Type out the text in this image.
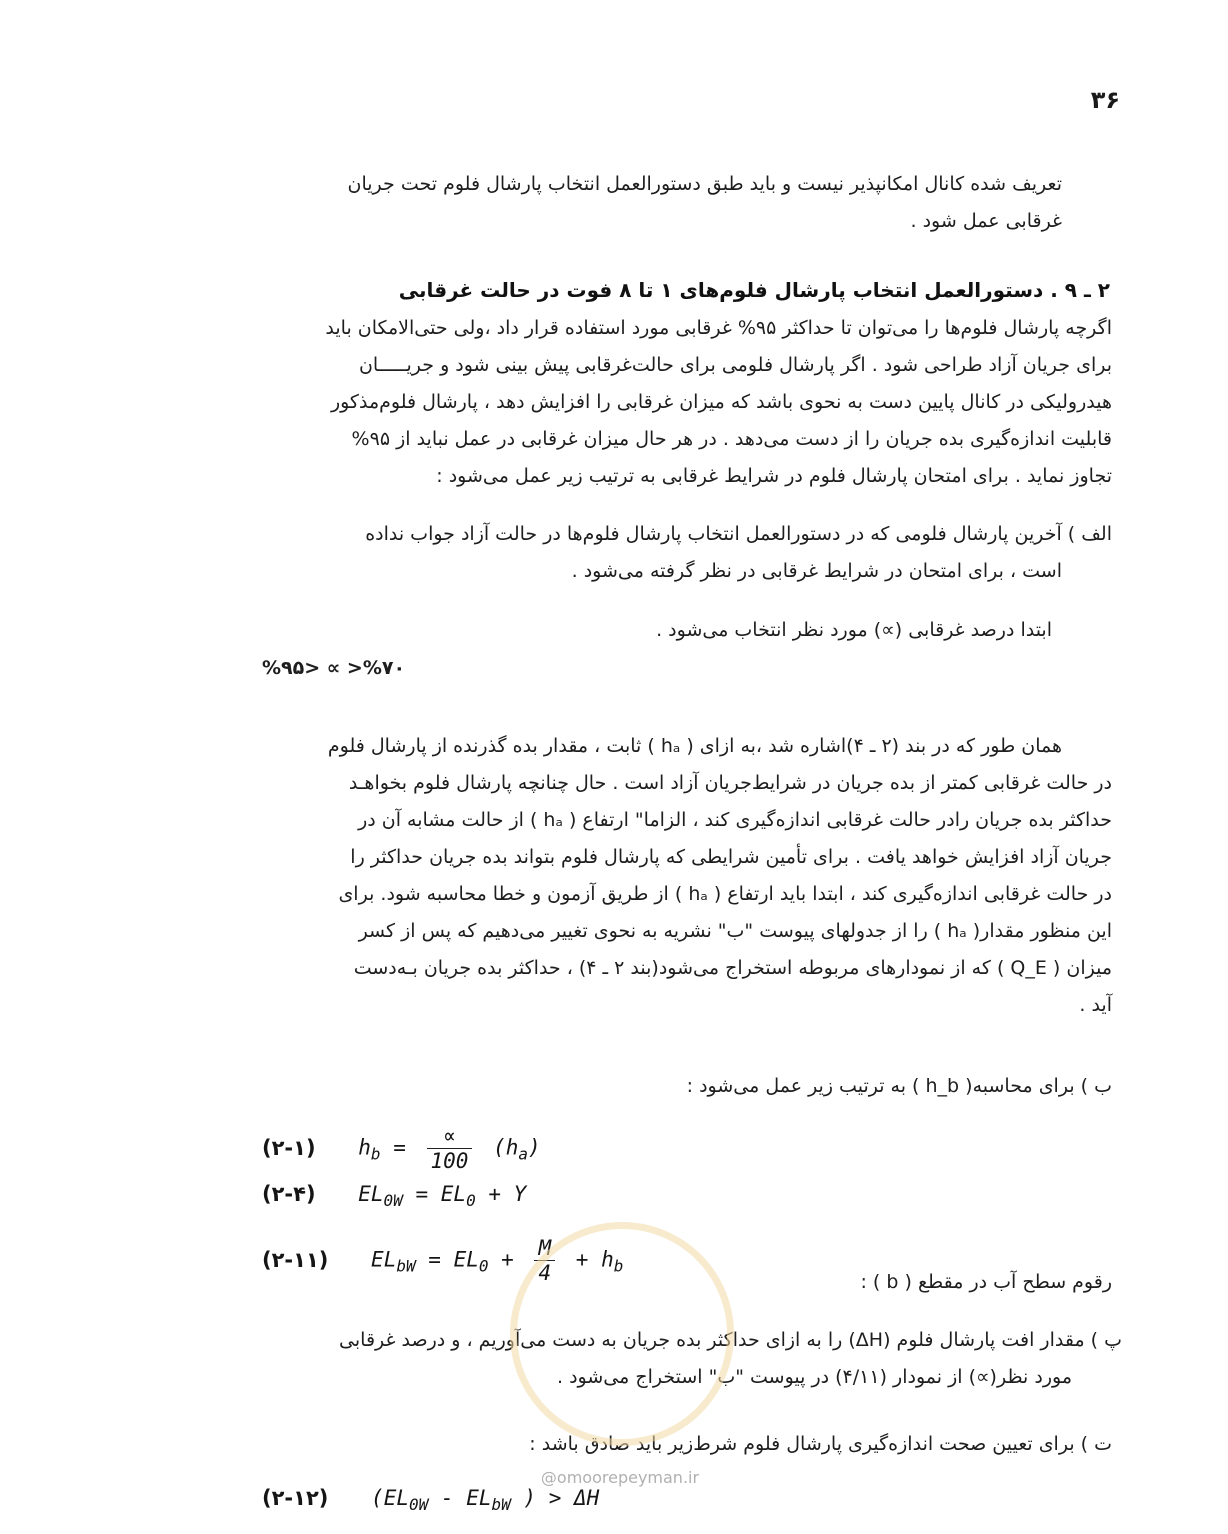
۳۶
تعریف شده کانال امکانپذیر نیست و باید طبق دستورالعمل انتخاب پارشال فلوم تحت جریان
غرقابی عمل شود .
۲ ـ ۹ . دستورالعمل انتخاب پارشال فلوم‌های ۱ تا ۸ فوت در حالت غرقابی
اگرچه پارشال فلوم‌ها را می‌توان تا حداکثر ۹۵% غرقابی مورد استفاده قرار داد ،ولی حتی‌الامکان باید
برای جریان آزاد طراحی شود . اگر پارشال فلومی برای حالت‌غرقابی پیش بینی شود و جریـــــان
هیدرولیکی در کانال پایین دست به نحوی باشد که میزان غرقابی را افزایش دهد ، پارشال فلوم‌مذکور
قابلیت اندازه‌گیری بده جریان را از دست می‌دهد . در هر حال میزان غرقابی در عمل نباید از ۹۵%
تجاوز نماید . برای امتحان پارشال فلوم در شرایط غرقابی به ترتیب زیر عمل می‌شود :
الف ) آخرین پارشال فلومی که در دستورالعمل انتخاب پارشال فلوم‌ها در حالت آزاد جواب نداده
است ، برای امتحان در شرایط غرقابی در نظر گرفته می‌شود .
ابتدا درصد غرقابی (∝) مورد نظر انتخاب می‌شود .
%۷۰< ∝ <%۹۵
همان طور که در بند (۲ ـ ۴)اشاره شد ،به ازای ( hₐ ) ثابت ، مقدار بده گذرنده از پارشال فلوم
در حالت غرقابی کمتر از بده جریان در شرایط‌جریان آزاد است . حال چنانچه پارشال فلوم بخواهـد
حداکثر بده جریان رادر حالت غرقابی اندازه‌گیری کند ، الزاما" ارتفاع ( hₐ ) از حالت مشابه آن در
جریان آزاد افزایش خواهد یافت . برای تأمین شرایطی که پارشال فلوم بتواند بده جریان حداکثر را
در حالت غرقابی اندازه‌گیری کند ، ابتدا باید ارتفاع ( hₐ ) از طریق آزمون و خطا محاسبه شود. برای
این منظور مقدار( hₐ ) را از جدولهای پیوست "ب" نشریه به نحوی تغییر می‌دهیم که پس از کسر
میزان ( Q_E ) که از نمودارهای مربوطه استخراج می‌شود(بند ۲ ـ ۴) ، حداکثر بده جریان بـه‌دست
آید .
ب ) برای محاسبه( h_b ) به ترتیب زیر عمل می‌شود :
(۲-۱) $h_b = \frac{\propto}{100} (h_a)$
(۲-۴) $EL_{0W} = EL_0 + Y$
(۲-۱۱) $EL_{bW} = EL_0 + \frac{M}{4} + h_b$
رقوم سطح آب در مقطع ( b ) :
پ ) مقدار افت پارشال فلوم (ΔH) را به ازای حداکثر بده جریان به دست می‌آوریم ، و درصد غرقابی
مورد نظر(∝) از نمودار (۴/۱۱) در پیوست "ب" استخراج می‌شود .
ت ) برای تعیین صحت اندازه‌گیری پارشال فلوم شرط‌زیر باید صادق باشد :
(۲-۱۲) ($EL_{0W} - EL_{bW}$ ) > ΔH
@omoorepeyman.ir
